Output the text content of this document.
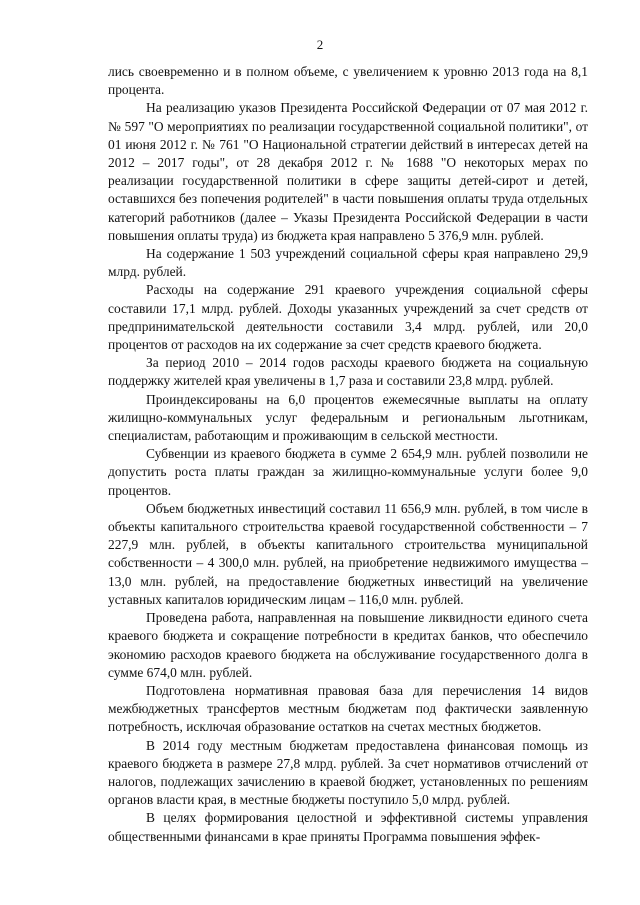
2

лись своевременно и в полном объеме, с увеличением к уровню 2013 года на 8,1 процента.

На реализацию указов Президента Российской Федерации от 07 мая 2012 г. № 597 "О мероприятиях по реализации государственной социальной политики", от 01 июня 2012 г. № 761 "О Национальной стратегии действий в интересах детей на 2012 – 2017 годы", от 28 декабря 2012 г. № 1688 "О некоторых мерах по реализации государственной политики в сфере защиты детей-сирот и детей, оставшихся без попечения родителей" в части повышения оплаты труда отдельных категорий работников (далее – Указы Президента Российской Федерации в части повышения оплаты труда) из бюджета края направлено 5 376,9 млн. рублей.

На содержание 1 503 учреждений социальной сферы края направлено 29,9 млрд. рублей.

Расходы на содержание 291 краевого учреждения социальной сферы составили 17,1 млрд. рублей. Доходы указанных учреждений за счет средств от предпринимательской деятельности составили 3,4 млрд. рублей, или 20,0 процентов от расходов на их содержание за счет средств краевого бюджета.

За период 2010 – 2014 годов расходы краевого бюджета на социальную поддержку жителей края увеличены в 1,7 раза и составили 23,8 млрд. рублей.

Проиндексированы на 6,0 процентов ежемесячные выплаты на оплату жилищно-коммунальных услуг федеральным и региональным льготникам, специалистам, работающим и проживающим в сельской местности.

Субвенции из краевого бюджета в сумме 2 654,9 млн. рублей позволили не допустить роста платы граждан за жилищно-коммунальные услуги более 9,0 процентов.

Объем бюджетных инвестиций составил 11 656,9 млн. рублей, в том числе в объекты капитального строительства краевой государственной собственности – 7 227,9 млн. рублей, в объекты капитального строительства муниципальной собственности – 4 300,0 млн. рублей, на приобретение недвижимого имущества – 13,0 млн. рублей, на предоставление бюджетных инвестиций на увеличение уставных капиталов юридическим лицам – 116,0 млн. рублей.

Проведена работа, направленная на повышение ликвидности единого счета краевого бюджета и сокращение потребности в кредитах банков, что обеспечило экономию расходов краевого бюджета на обслуживание государственного долга в сумме 674,0 млн. рублей.

Подготовлена нормативная правовая база для перечисления 14 видов межбюджетных трансфертов местным бюджетам под фактически заявленную потребность, исключая образование остатков на счетах местных бюджетов.

В 2014 году местным бюджетам предоставлена финансовая помощь из краевого бюджета в размере 27,8 млрд. рублей. За счет нормативов отчислений от налогов, подлежащих зачислению в краевой бюджет, установленных по решениям органов власти края, в местные бюджеты поступило 5,0 млрд. рублей.

В целях формирования целостной и эффективной системы управления общественными финансами в крае приняты Программа повышения эффек-
